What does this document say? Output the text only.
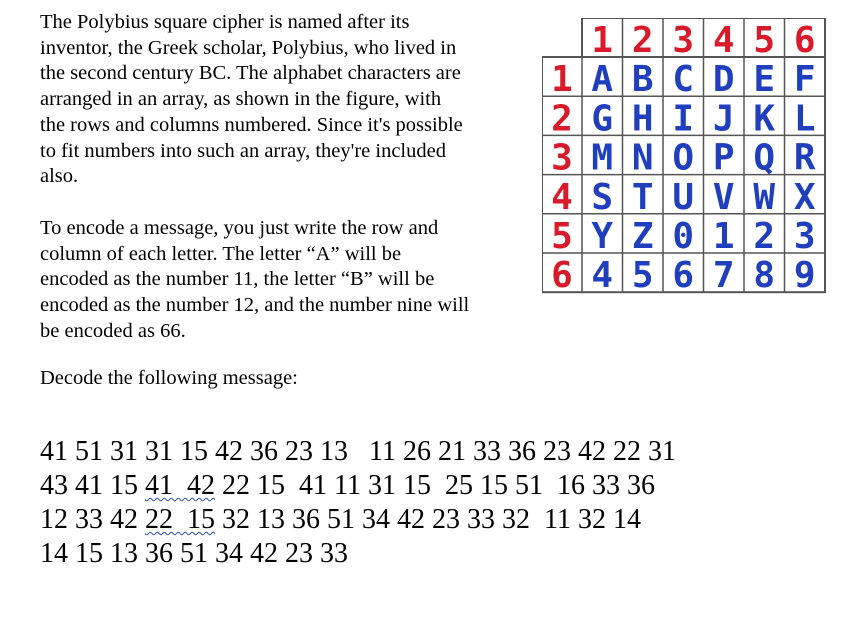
The Polybius square cipher is named after its
inventor, the Greek scholar, Polybius, who lived in
the second century BC. The alphabet characters are
arranged in an array, as shown in the figure, with
the rows and columns numbered. Since it's possible
to fit numbers into such an array, they're included
also.
To encode a message, you just write the row and
column of each letter. The letter “A” will be
encoded as the number 11, the letter “B” will be
encoded as the number 12, and the number nine will
be encoded as 66.
Decode the following message:
41 51 31 31 15 42 36 23 13   11 26 21 33 36 23 42 22 31
43 41 15 41  42 22 15  41 11 31 15  25 15 51  16 33 36
12 33 42 22  15 32 13 36 51 34 42 23 33 32  11 32 14
14 15 13 36 51 34 42 23 33
1 2 3 4 5 6
1
2
3
4
5
6
A B C D E F
G H I J K L
M N O P Q R
S T U V W X
Y Z 0 1 2 3
4 5 6 7 8 9
